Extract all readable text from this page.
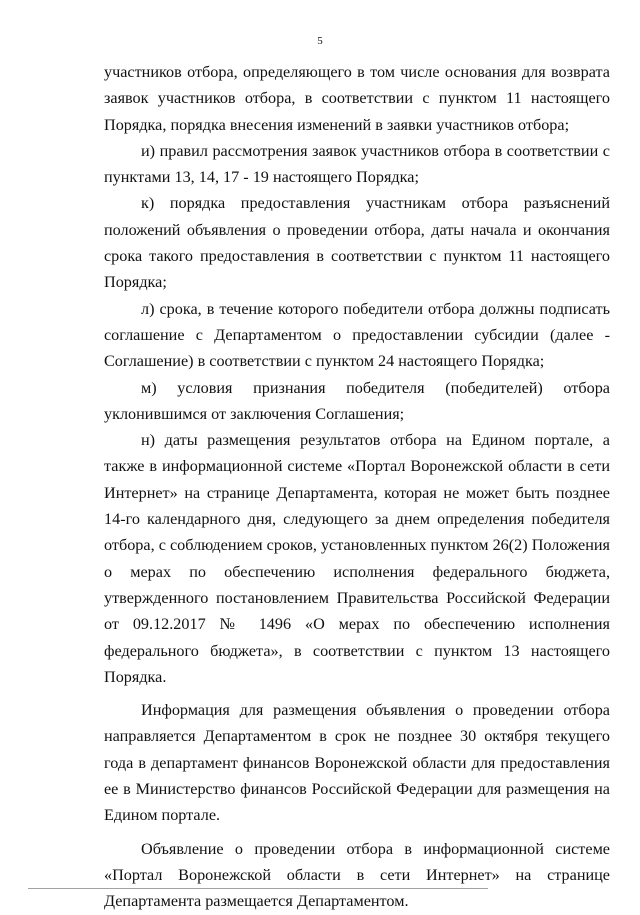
5

участников отбора, определяющего в том числе основания для возврата заявок участников отбора, в соответствии с пунктом 11 настоящего Порядка, порядка внесения изменений в заявки участников отбора;

и) правил рассмотрения заявок участников отбора в соответствии с пунктами 13, 14, 17 - 19 настоящего Порядка;

к) порядка предоставления участникам отбора разъяснений положений объявления о проведении отбора, даты начала и окончания срока такого предоставления в соответствии с пунктом 11 настоящего Порядка;

л) срока, в течение которого победители отбора должны подписать соглашение с Департаментом о предоставлении субсидии (далее - Соглашение) в соответствии с пунктом 24 настоящего Порядка;

м) условия признания победителя (победителей) отбора уклонившимся от заключения Соглашения;

н) даты размещения результатов отбора на Едином портале, а также в информационной системе «Портал Воронежской области в сети Интернет» на странице Департамента, которая не может быть позднее 14-го календарного дня, следующего за днем определения победителя отбора, с соблюдением сроков, установленных пунктом 26(2) Положения о мерах по обеспечению исполнения федерального бюджета, утвержденного постановлением Правительства Российской Федерации от 09.12.2017 № 1496 «О мерах по обеспечению исполнения федерального бюджета», в соответствии с пунктом 13 настоящего Порядка.

Информация для размещения объявления о проведении отбора направляется Департаментом в срок не позднее 30 октября текущего года в департамент финансов Воронежской области для предоставления ее в Министерство финансов Российской Федерации для размещения на Едином портале.

Объявление о проведении отбора в информационной системе «Портал Воронежской области в сети Интернет» на странице Департамента размещается Департаментом.
